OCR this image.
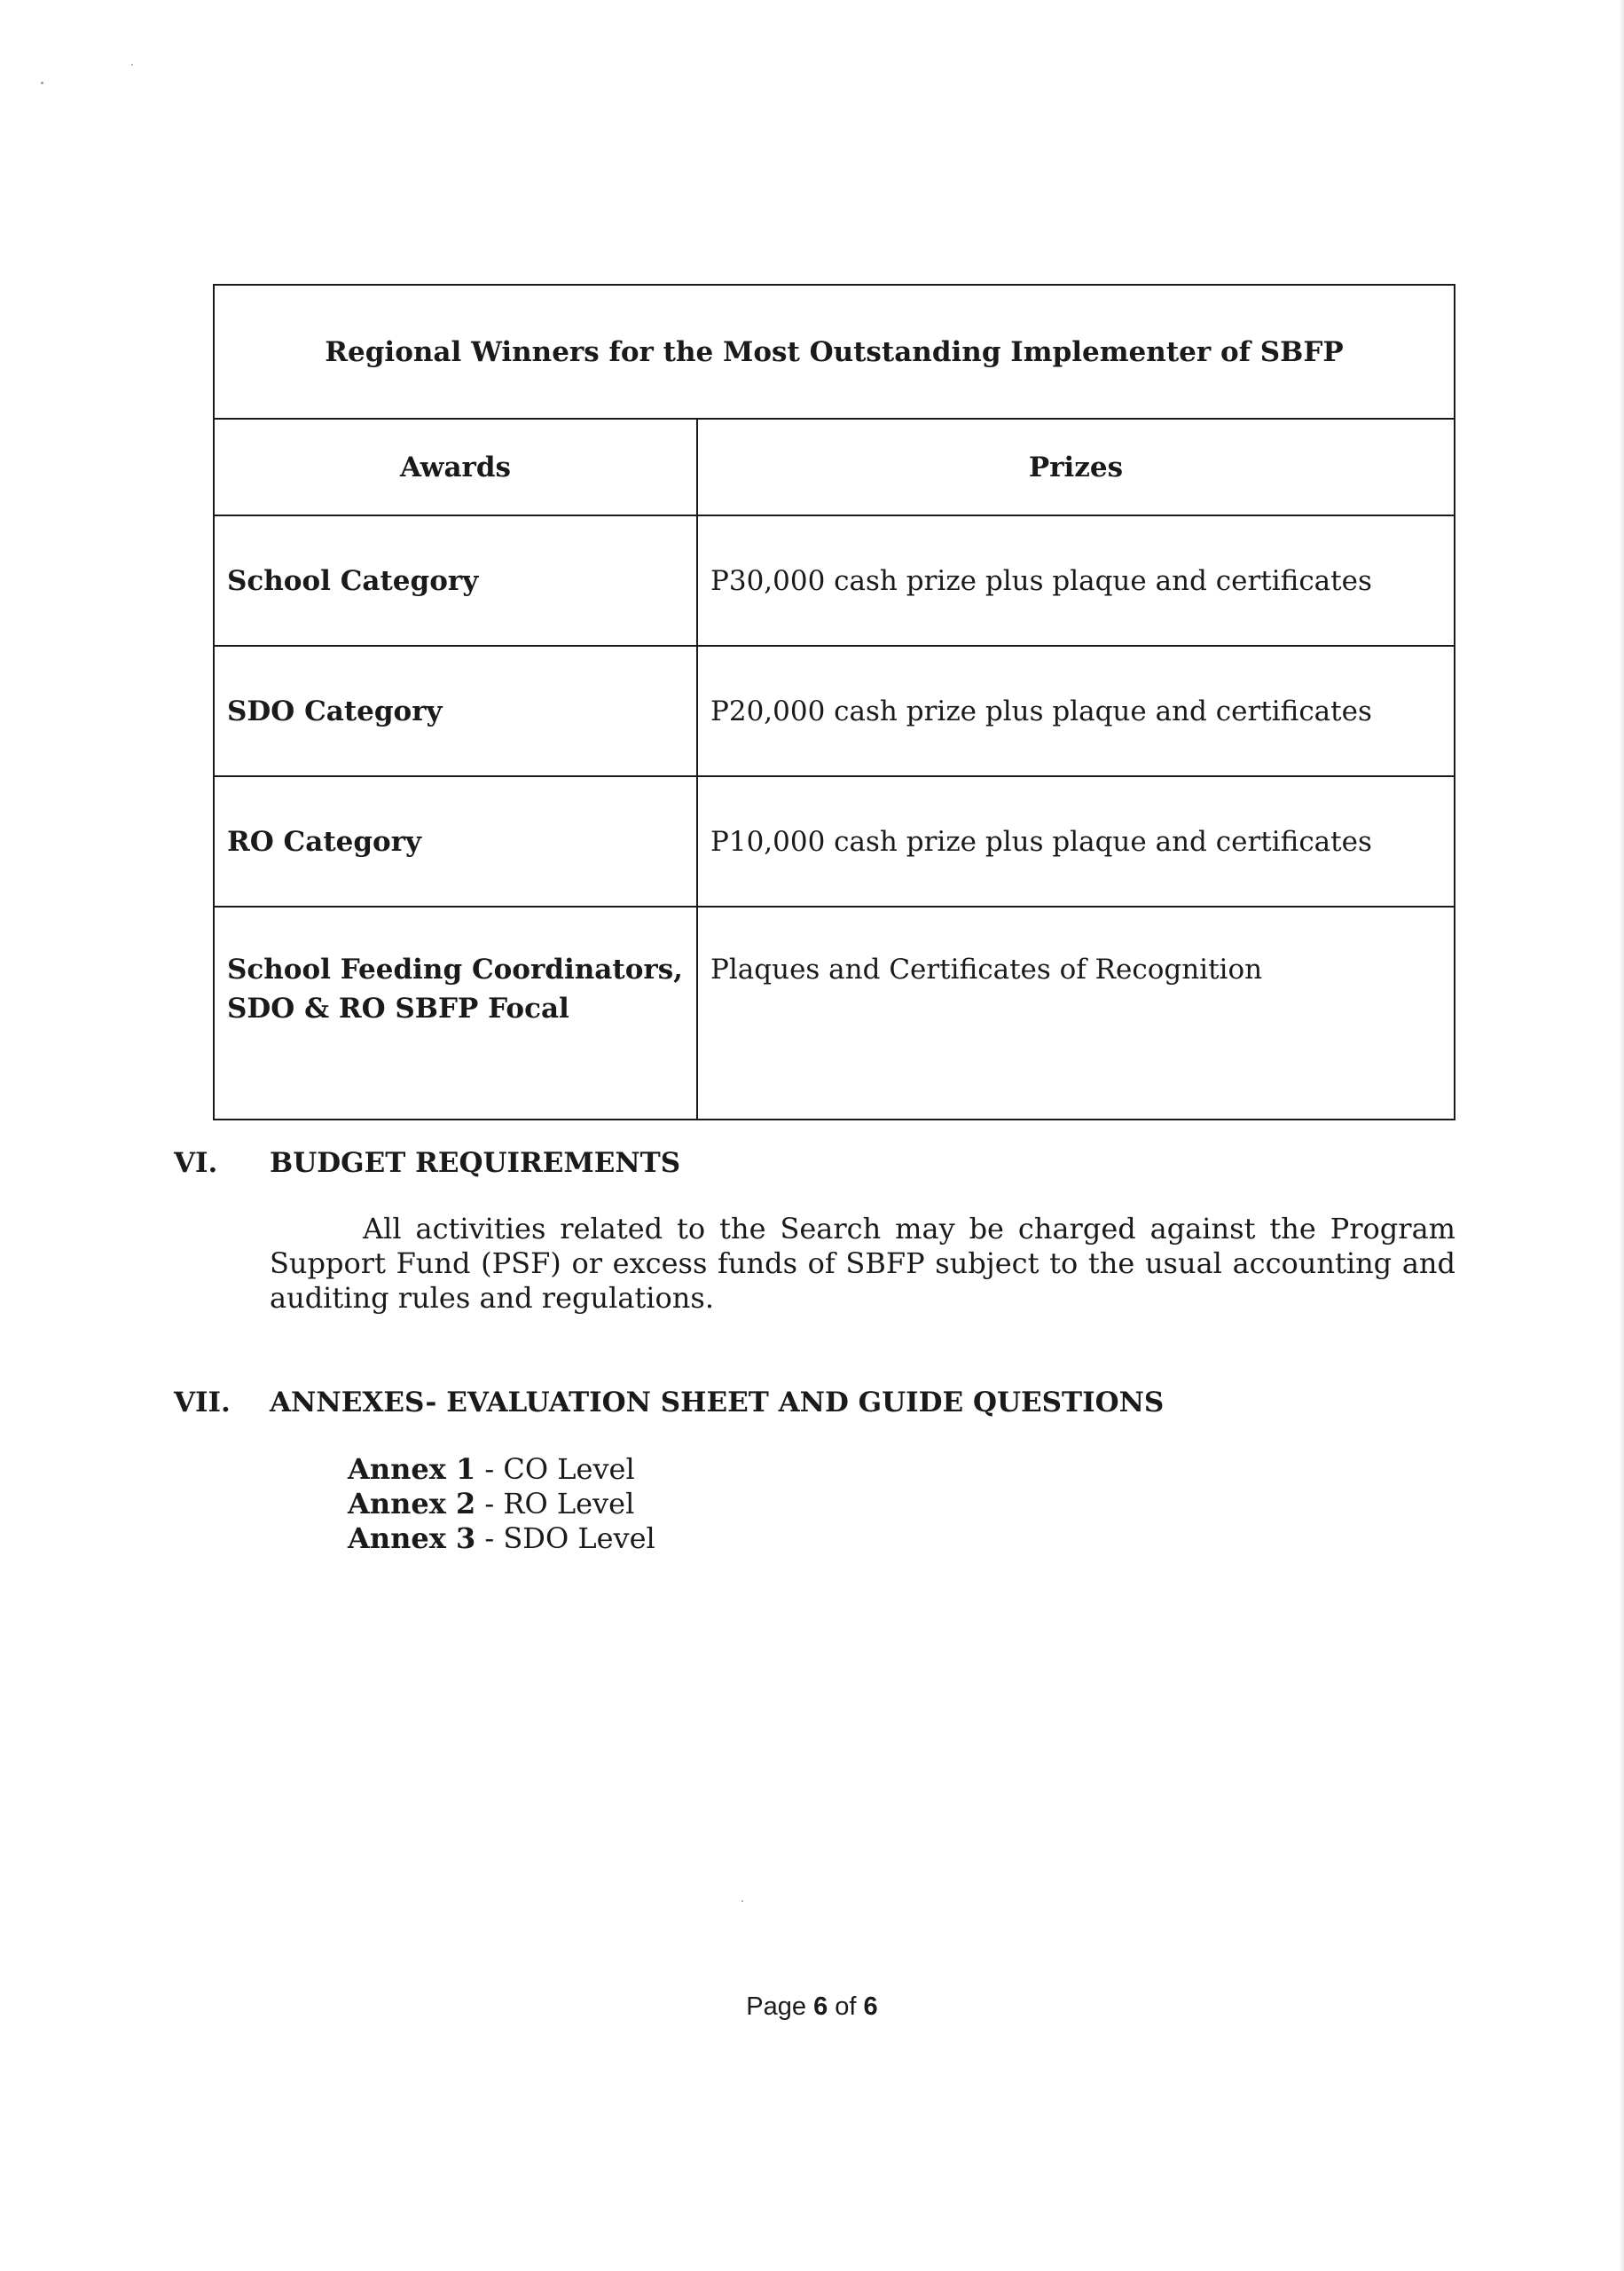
Regional Winners for the Most Outstanding Implementer of SBFP	
Awards	Prizes
School Category	P30,000 cash prize plus plaque and certificates
SDO Category	P20,000 cash prize plus plaque and certificates
RO Category	P10,000 cash prize plus plaque and certificates

School Feeding Coordinators,
SDO & RO SBFP Focal	Plaques and Certificates of Recognition
VI. BUDGET REQUIREMENTS

All activities related to the Search may be charged against the Program Support Fund (PSF) or excess funds of SBFP subject to the usual accounting and auditing rules and regulations.

VII. ANNEXES- EVALUATION SHEET AND GUIDE QUESTIONS
Annex 1 - CO Level
Annex 2 - RO Level
Annex 3 - SDO Level
Page 6 of 6
